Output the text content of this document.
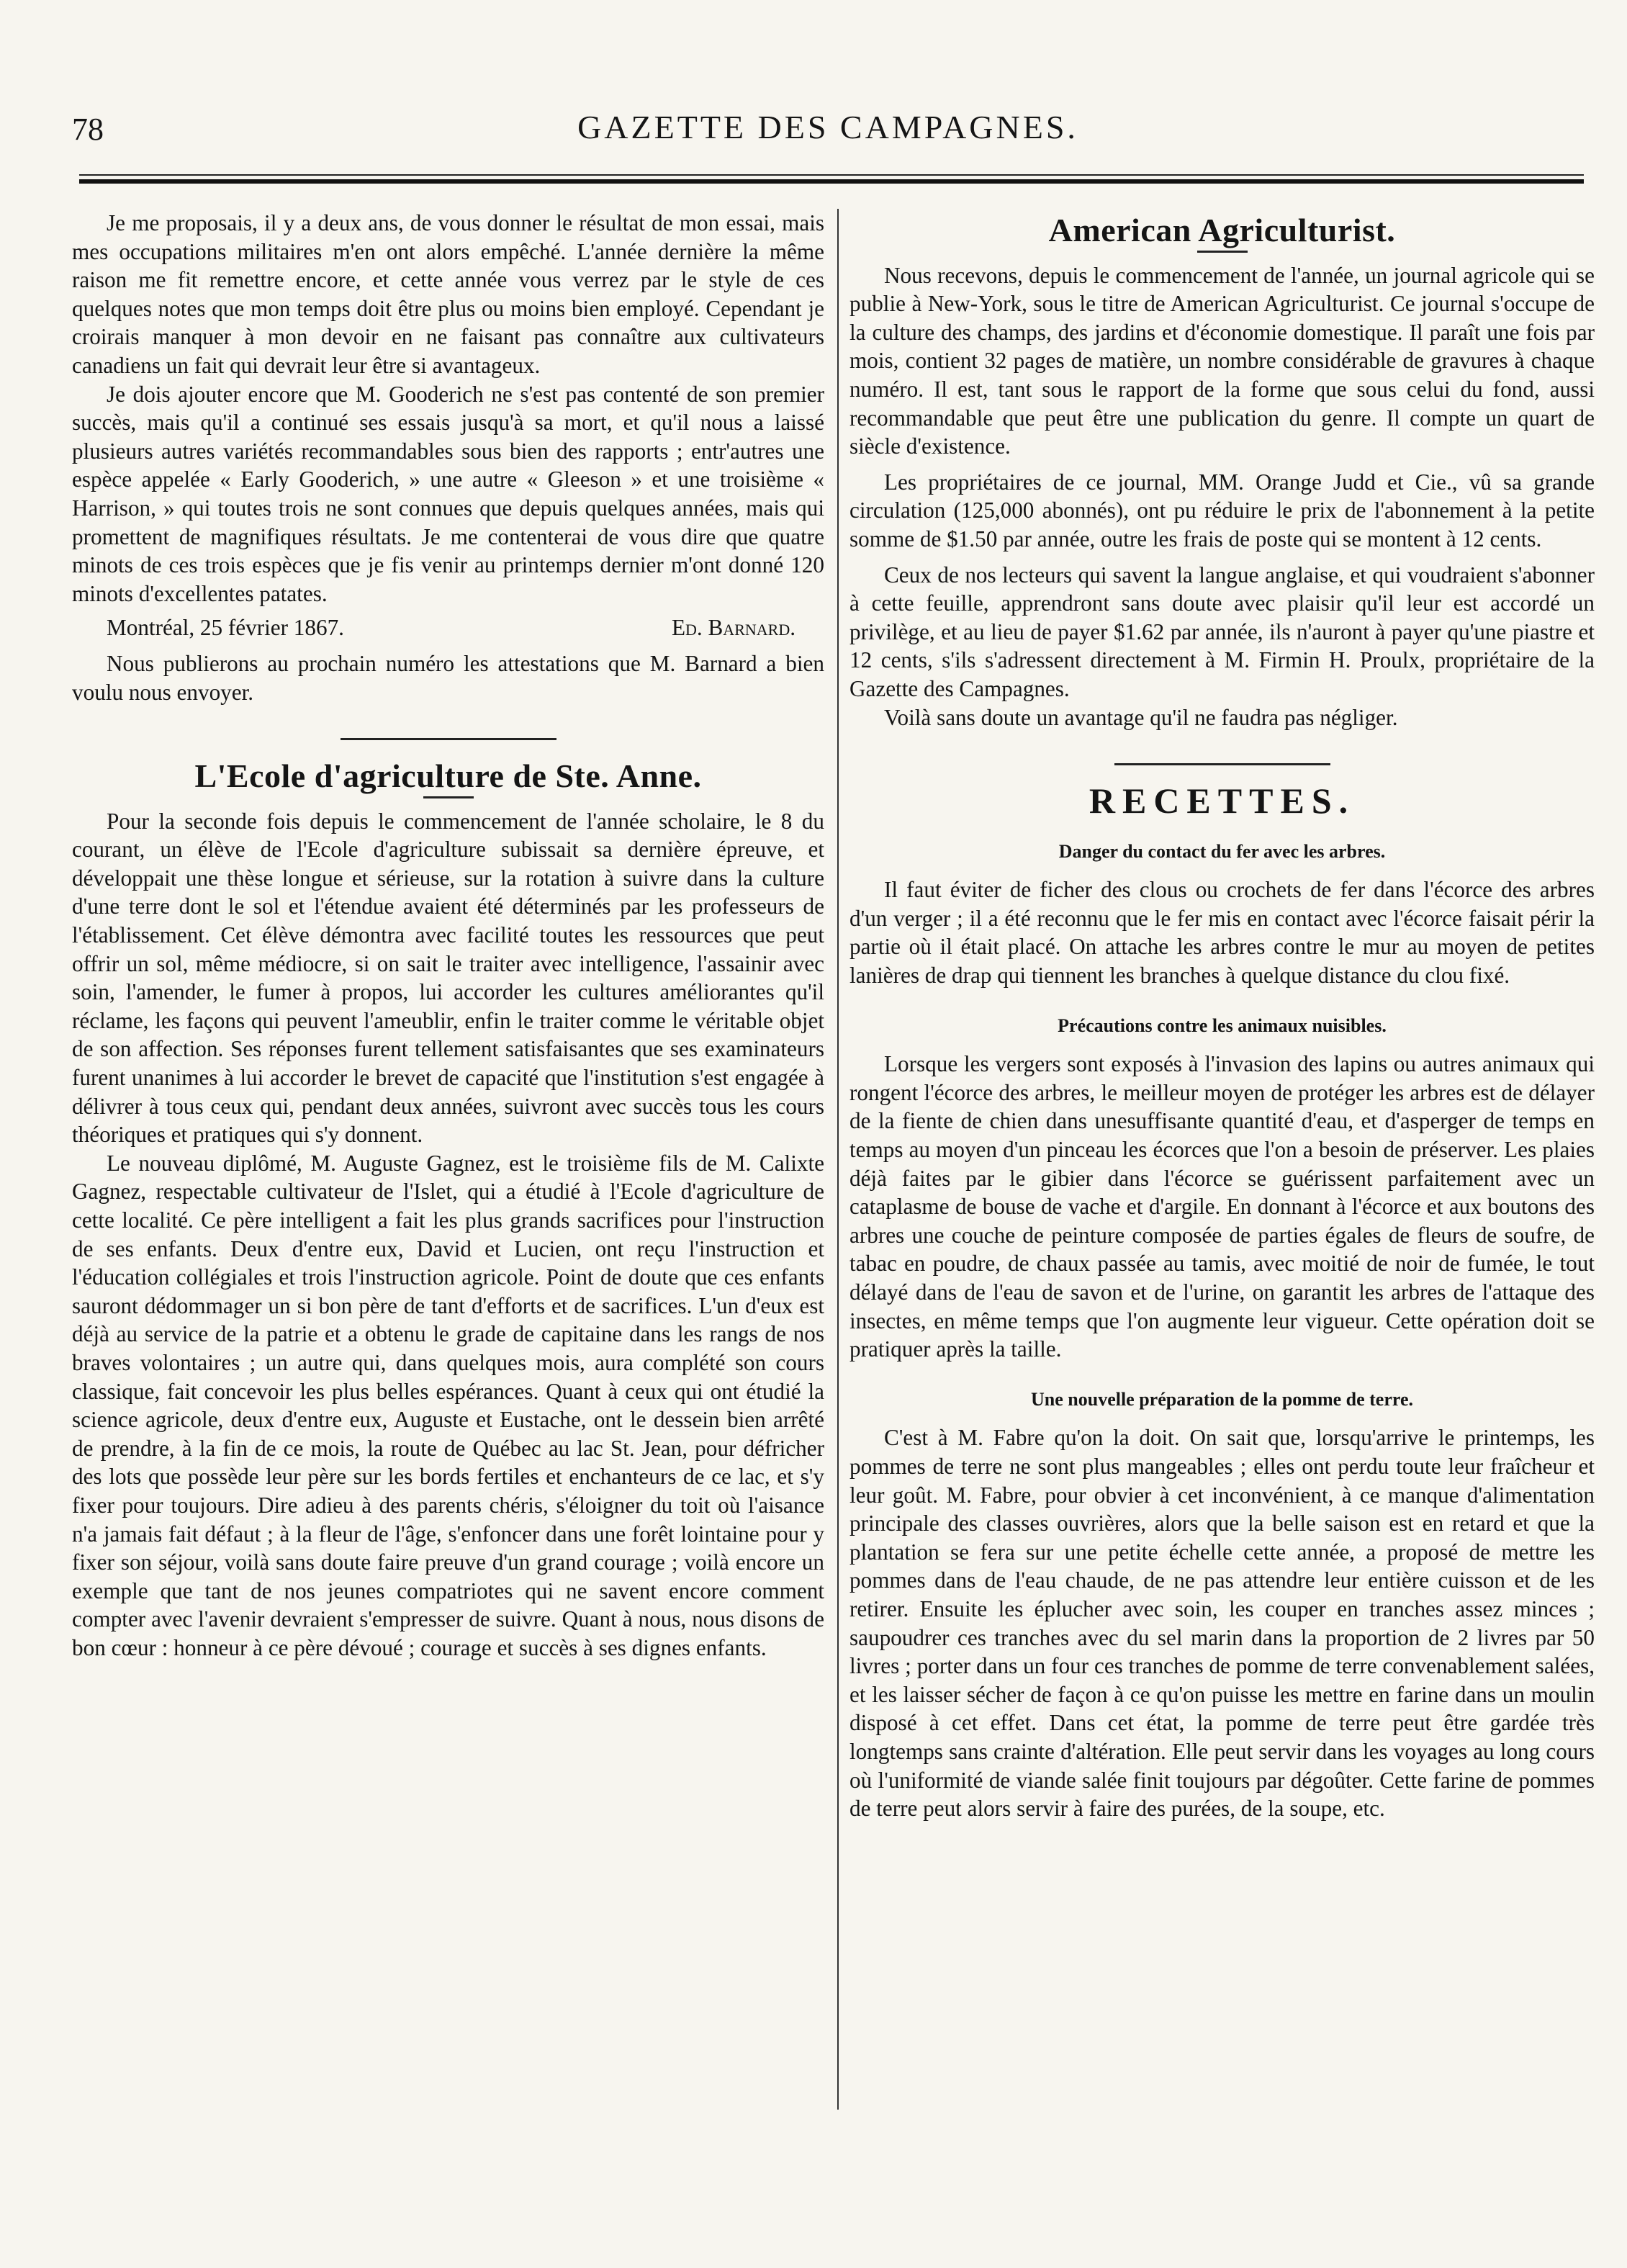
78	GAZETTE DES CAMPAGNES.

Je me proposais, il y a deux ans, de vous donner le résultat de mon essai, mais mes occupations militaires m'en ont alors empêché. L'année dernière la même raison me fit remettre encore, et cette année vous verrez par le style de ces quelques notes que mon temps doit être plus ou moins bien employé. Cependant je croirais manquer à mon devoir en ne faisant pas connaître aux cultivateurs canadiens un fait qui devrait leur être si avantageux.

Je dois ajouter encore que M. Gooderich ne s'est pas contenté de son premier succès, mais qu'il a continué ses essais jusqu'à sa mort, et qu'il nous a laissé plusieurs autres variétés recommandables sous bien des rapports ; entr'autres une espèce appelée « Early Gooderich, » une autre « Gleeson » et une troisième « Harrison, » qui toutes trois ne sont connues que depuis quelques années, mais qui promettent de magnifiques résultats. Je me contenterai de vous dire que quatre minots de ces trois espèces que je fis venir au printemps dernier m'ont donné 120 minots d'excellentes patates.

Montréal, 25 février 1867.	Ed. Barnard.

Nous publierons au prochain numéro les attestations que M. Barnard a bien voulu nous envoyer.

L'Ecole d'agriculture de Ste. Anne.

Pour la seconde fois depuis le commencement de l'année scholaire, le 8 du courant, un élève de l'Ecole d'agriculture subissait sa dernière épreuve, et développait une thèse longue et sérieuse, sur la rotation à suivre dans la culture d'une terre dont le sol et l'étendue avaient été déterminés par les professeurs de l'établissement. Cet élève démontra avec facilité toutes les ressources que peut offrir un sol, même médiocre, si on sait le traiter avec intelligence, l'assainir avec soin, l'amender, le fumer à propos, lui accorder les cultures améliorantes qu'il réclame, les façons qui peuvent l'ameublir, enfin le traiter comme le véritable objet de son affection. Ses réponses furent tellement satisfaisantes que ses examinateurs furent unanimes à lui accorder le brevet de capacité que l'institution s'est engagée à délivrer à tous ceux qui, pendant deux années, suivront avec succès tous les cours théoriques et pratiques qui s'y donnent.

Le nouveau diplômé, M. Auguste Gagnez, est le troisième fils de M. Calixte Gagnez, respectable cultivateur de l'Islet, qui a étudié à l'Ecole d'agriculture de cette localité. Ce père intelligent a fait les plus grands sacrifices pour l'instruction de ses enfants. Deux d'entre eux, David et Lucien, ont reçu l'instruction et l'éducation collégiales et trois l'instruction agricole. Point de doute que ces enfants sauront dédommager un si bon père de tant d'efforts et de sacrifices. L'un d'eux est déjà au service de la patrie et a obtenu le grade de capitaine dans les rangs de nos braves volontaires ; un autre qui, dans quelques mois, aura complété son cours classique, fait concevoir les plus belles espérances. Quant à ceux qui ont étudié la science agricole, deux d'entre eux, Auguste et Eustache, ont le dessein bien arrêté de prendre, à la fin de ce mois, la route de Québec au lac St. Jean, pour défricher des lots que possède leur père sur les bords fertiles et enchanteurs de ce lac, et s'y fixer pour toujours. Dire adieu à des parents chéris, s'éloigner du toit où l'aisance n'a jamais fait défaut ; à la fleur de l'âge, s'enfoncer dans une forêt lointaine pour y fixer son séjour, voilà sans doute faire preuve d'un grand courage ; voilà encore un exemple que tant de nos jeunes compatriotes qui ne savent encore comment compter avec l'avenir devraient s'empresser de suivre. Quant à nous, nous disons de bon cœur : honneur à ce père dévoué ; courage et succès à ses dignes enfants.

American Agriculturist.

Nous recevons, depuis le commencement de l'année, un journal agricole qui se publie à New-York, sous le titre de American Agriculturist. Ce journal s'occupe de la culture des champs, des jardins et d'économie domestique. Il paraît une fois par mois, contient 32 pages de matière, un nombre considérable de gravures à chaque numéro. Il est, tant sous le rapport de la forme que sous celui du fond, aussi recommandable que peut être une publication du genre. Il compte un quart de siècle d'existence.

Les propriétaires de ce journal, MM. Orange Judd et Cie., vû sa grande circulation (125,000 abonnés), ont pu réduire le prix de l'abonnement à la petite somme de $1.50 par année, outre les frais de poste qui se montent à 12 cents.

Ceux de nos lecteurs qui savent la langue anglaise, et qui voudraient s'abonner à cette feuille, apprendront sans doute avec plaisir qu'il leur est accordé un privilège, et au lieu de payer $1.62 par année, ils n'auront à payer qu'une piastre et 12 cents, s'ils s'adressent directement à M. Firmin H. Proulx, propriétaire de la Gazette des Campagnes.

Voilà sans doute un avantage qu'il ne faudra pas négliger.

RECETTES.
Danger du contact du fer avec les arbres.

Il faut éviter de ficher des clous ou crochets de fer dans l'écorce des arbres d'un verger ; il a été reconnu que le fer mis en contact avec l'écorce faisait périr la partie où il était placé. On attache les arbres contre le mur au moyen de petites lanières de drap qui tiennent les branches à quelque distance du clou fixé.

Précautions contre les animaux nuisibles.

Lorsque les vergers sont exposés à l'invasion des lapins ou autres animaux qui rongent l'écorce des arbres, le meilleur moyen de protéger les arbres est de délayer de la fiente de chien dans unesuffisante quantité d'eau, et d'asperger de temps en temps au moyen d'un pinceau les écorces que l'on a besoin de préserver. Les plaies déjà faites par le gibier dans l'écorce se guérissent parfaitement avec un cataplasme de bouse de vache et d'argile. En donnant à l'écorce et aux boutons des arbres une couche de peinture composée de parties égales de fleurs de soufre, de tabac en poudre, de chaux passée au tamis, avec moitié de noir de fumée, le tout délayé dans de l'eau de savon et de l'urine, on garantit les arbres de l'attaque des insectes, en même temps que l'on augmente leur vigueur. Cette opération doit se pratiquer après la taille.

Une nouvelle préparation de la pomme de terre.

C'est à M. Fabre qu'on la doit. On sait que, lorsqu'arrive le printemps, les pommes de terre ne sont plus mangeables ; elles ont perdu toute leur fraîcheur et leur goût. M. Fabre, pour obvier à cet inconvénient, à ce manque d'alimentation principale des classes ouvrières, alors que la belle saison est en retard et que la plantation se fera sur une petite échelle cette année, a proposé de mettre les pommes dans de l'eau chaude, de ne pas attendre leur entière cuisson et de les retirer. Ensuite les éplucher avec soin, les couper en tranches assez minces ; saupoudrer ces tranches avec du sel marin dans la proportion de 2 livres par 50 livres ; porter dans un four ces tranches de pomme de terre convenablement salées, et les laisser sécher de façon à ce qu'on puisse les mettre en farine dans un moulin disposé à cet effet. Dans cet état, la pomme de terre peut être gardée très longtemps sans crainte d'altération. Elle peut servir dans les voyages au long cours où l'uniformité de viande salée finit toujours par dégoûter. Cette farine de pommes de terre peut alors servir à faire des purées, de la soupe, etc.
